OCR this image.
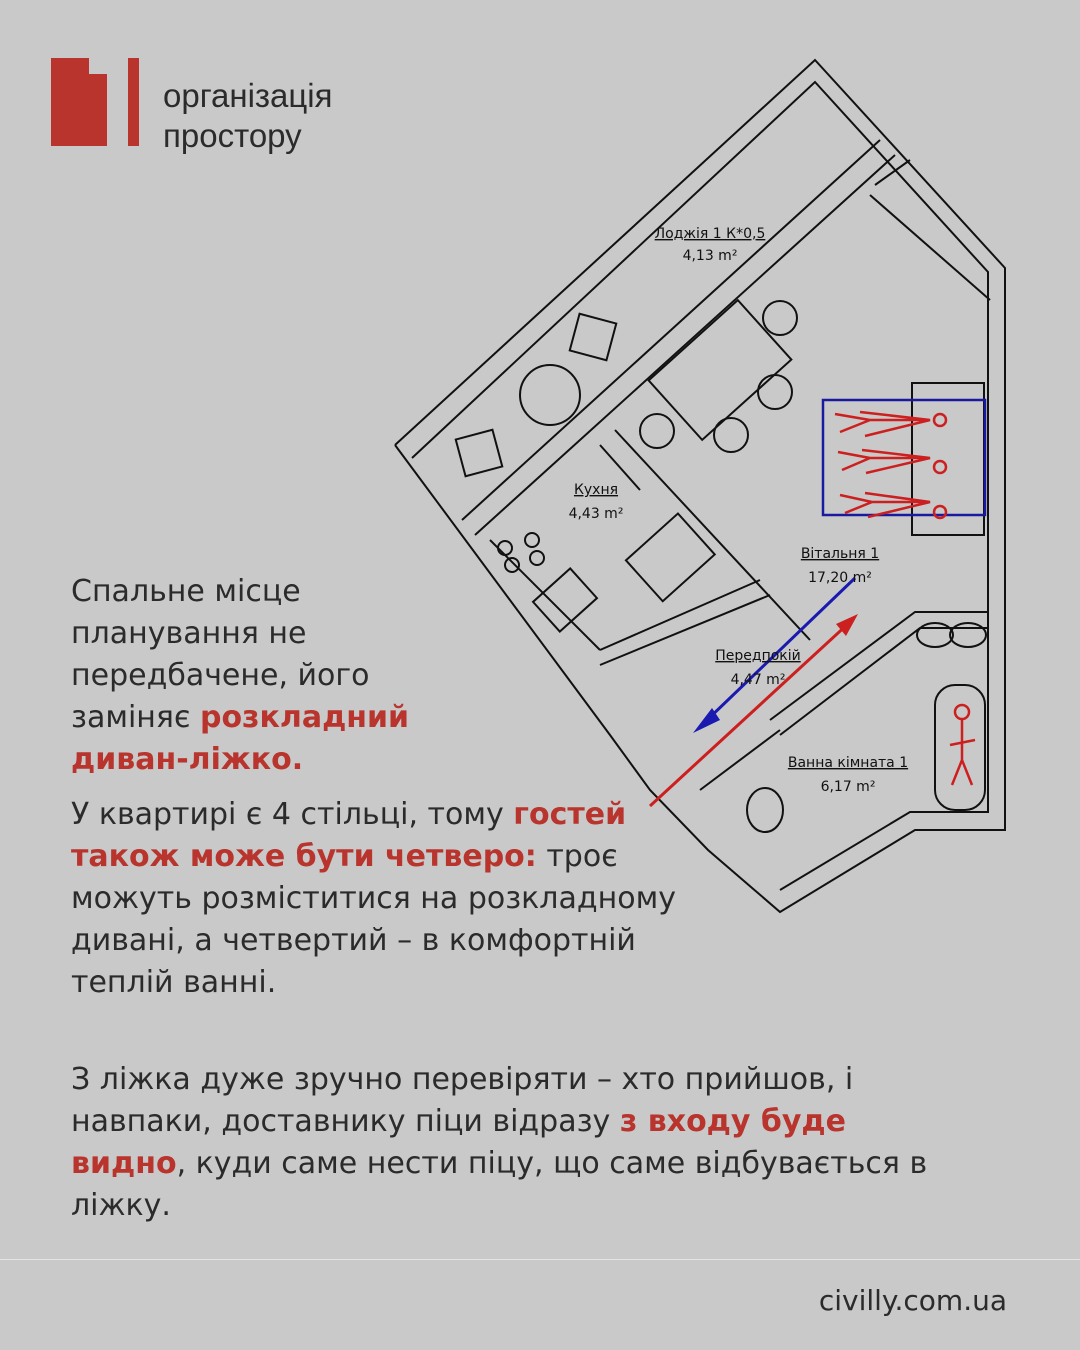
організація
простору
Лоджія 1 К*0,5
4,13 m²
Кухня
4,43 m²
Вітальня 1
17,20 m²
Передпокій
4,47 m²
Ванна кімната 1
6,17 m²
Спальне місце планування не передбачене, його заміняє розкладний диван-ліжко.
У квартирі є 4 стільці, тому гостей також може бути четверо: троє можуть розміститися на розкладному дивані, а четвертий – в комфортній теплій ванні.
З ліжка дуже зручно перевіряти – хто прийшов, і навпаки, доставнику піци відразу з входу буде видно, куди саме нести піцу, що саме відбувається в ліжку.
civilly.com.ua
